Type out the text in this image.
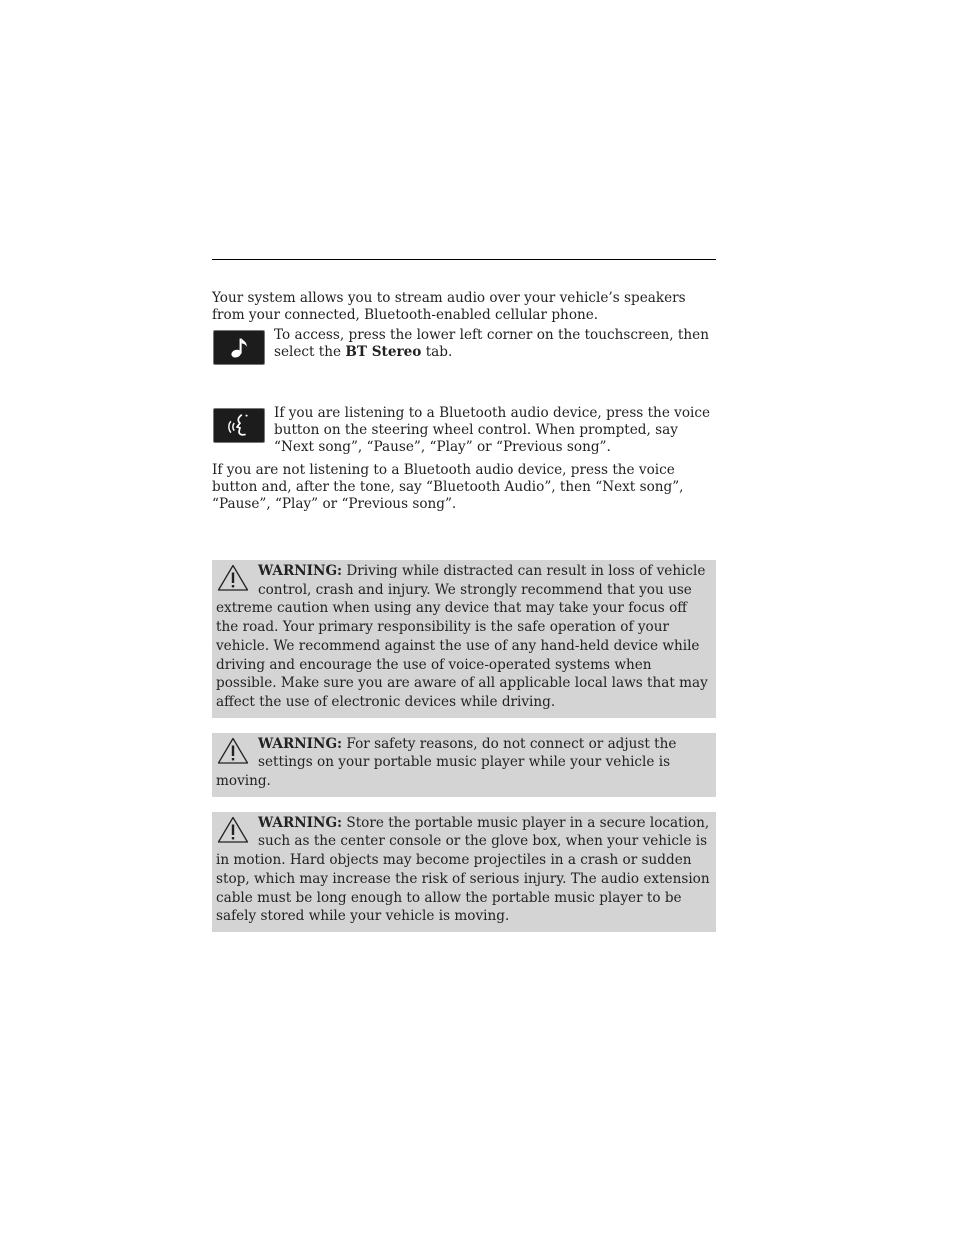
Your system allows you to stream audio over your vehicle’s speakers from your connected, Bluetooth-enabled cellular phone.

To access, press the lower left corner on the touchscreen, then select the BT Stereo tab.

If you are listening to a Bluetooth audio device, press the voice button on the steering wheel control. When prompted, say “Next song”, “Pause”, “Play” or “Previous song”.

If you are not listening to a Bluetooth audio device, press the voice button and, after the tone, say “Bluetooth Audio”, then “Next song”, “Pause”, “Play” or “Previous song”.

WARNING: Driving while distracted can result in loss of vehicle control, crash and injury. We strongly recommend that you use extreme caution when using any device that may take your focus off the road. Your primary responsibility is the safe operation of your vehicle. We recommend against the use of any hand-held device while driving and encourage the use of voice-operated systems when possible. Make sure you are aware of all applicable local laws that may affect the use of electronic devices while driving.
WARNING: For safety reasons, do not connect or adjust the settings on your portable music player while your vehicle is moving.
WARNING: Store the portable music player in a secure location, such as the center console or the glove box, when your vehicle is in motion. Hard objects may become projectiles in a crash or sudden stop, which may increase the risk of serious injury. The audio extension cable must be long enough to allow the portable music player to be safely stored while your vehicle is moving.
